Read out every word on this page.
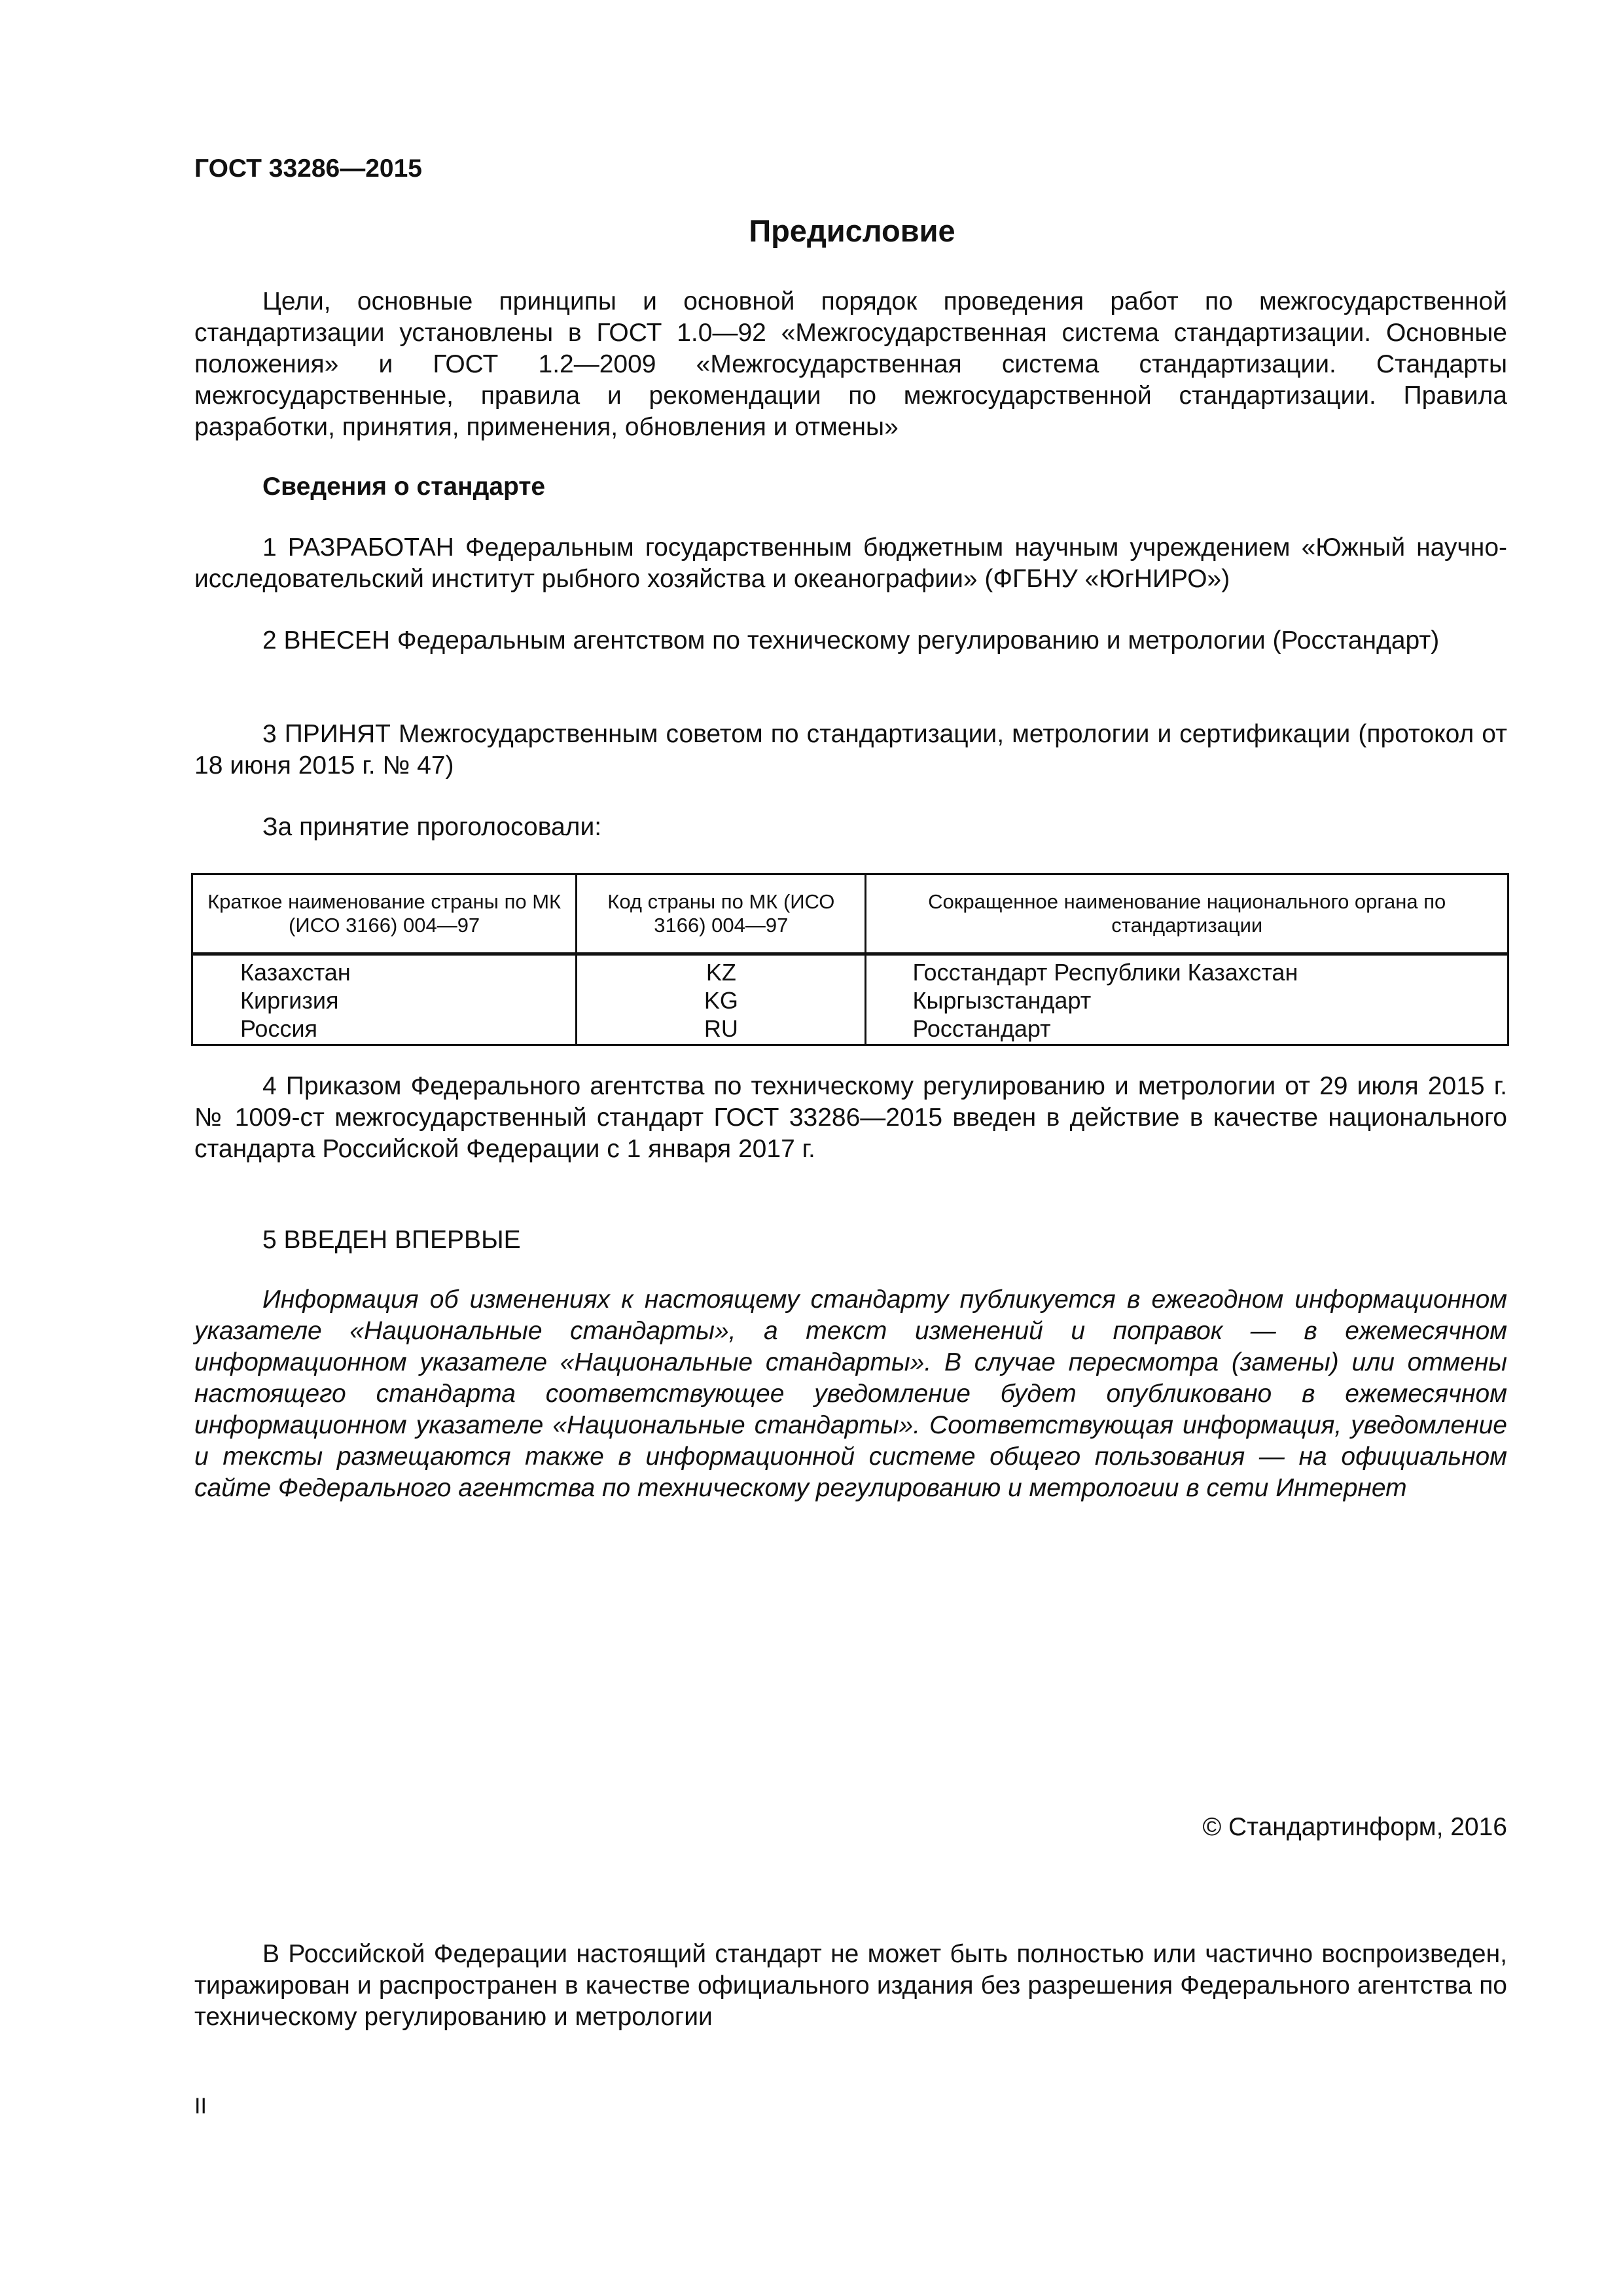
ГОСТ 33286—2015
Предисловие
Цели, основные принципы и основной порядок проведения работ по межгосударственной стандартизации установлены в ГОСТ 1.0—92 «Межгосударственная система стандартизации. Основные положения» и ГОСТ 1.2—2009 «Межгосударственная система стандартизации. Стандарты межгосударственные, правила и рекомендации по межгосударственной стандартизации. Правила разработки, принятия, применения, обновления и отмены»
Сведения о стандарте
1 РАЗРАБОТАН Федеральным государственным бюджетным научным учреждением «Южный научно-исследовательский институт рыбного хозяйства и океанографии» (ФГБНУ «ЮгНИРО»)
2 ВНЕСЕН Федеральным агентством по техническому регулированию и метрологии (Росстандарт)
3 ПРИНЯТ Межгосударственным советом по стандартизации, метрологии и сертификации (протокол от 18 июня 2015 г. № 47)
За принятие проголосовали:
Краткое наименование страны по МК (ИСО 3166) 004—97	Код страны по МК (ИСО 3166) 004—97	Сокращенное наименование национального органа по стандартизации
Казахстан	KZ	Госстандарт Республики Казахстан
Киргизия	KG	Кыргызстандарт
Россия	RU	Росстандарт
4 Приказом Федерального агентства по техническому регулированию и метрологии от 29 июля 2015 г. № 1009-ст межгосударственный стандарт ГОСТ 33286—2015 введен в действие в качестве национального стандарта Российской Федерации с 1 января 2017 г.
5 ВВЕДЕН ВПЕРВЫЕ
Информация об изменениях к настоящему стандарту публикуется в ежегодном информационном указателе «Национальные стандарты», а текст изменений и поправок — в ежемесячном информационном указателе «Национальные стандарты». В случае пересмотра (замены) или отмены настоящего стандарта соответствующее уведомление будет опубликовано в ежемесячном информационном указателе «Национальные стандарты». Соответствующая информация, уведомление и тексты размещаются также в информационной системе общего пользования — на официальном сайте Федерального агентства по техническому регулированию и метрологии в сети Интернет
© Стандартинформ, 2016
В Российской Федерации настоящий стандарт не может быть полностью или частично воспроизведен, тиражирован и распространен в качестве официального издания без разрешения Федерального агентства по техническому регулированию и метрологии
II
